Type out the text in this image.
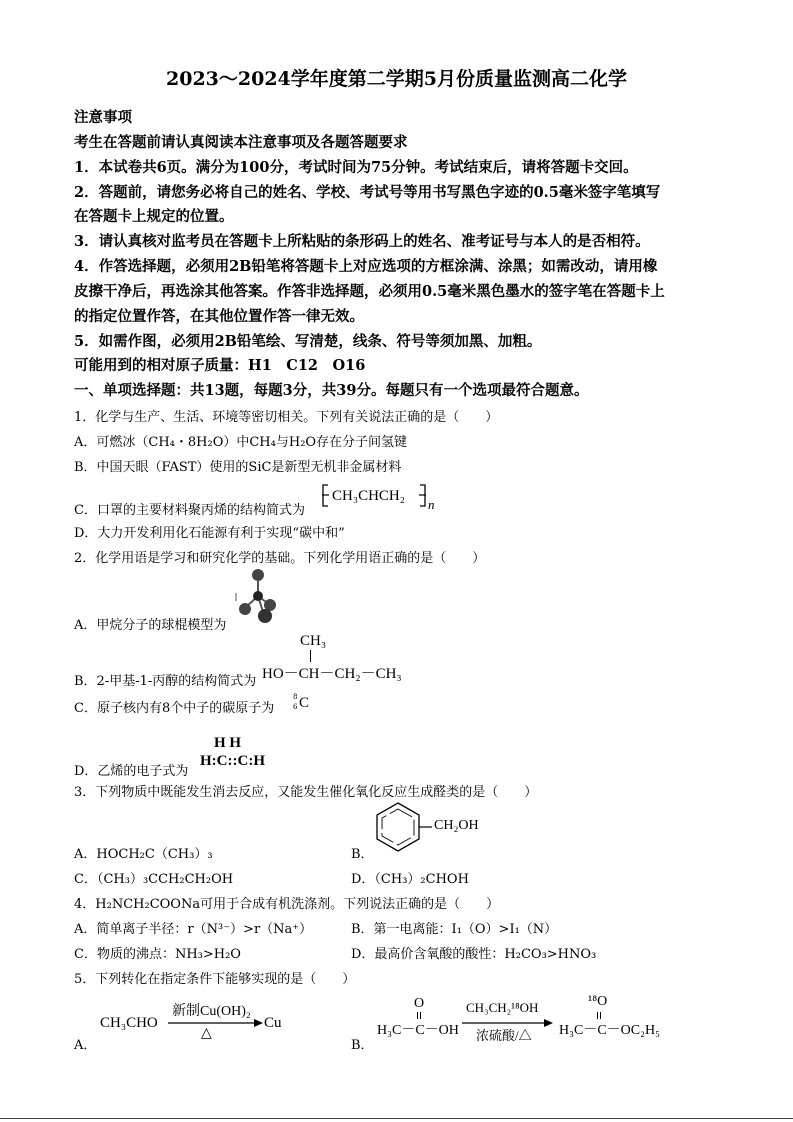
2023～2024学年度第二学期5月份质量监测高二化学
注意事项
考生在答题前请认真阅读本注意事项及各题答题要求
1．本试卷共6页。满分为100分，考试时间为75分钟。考试结束后，请将答题卡交回。
2．答题前，请您务必将自己的姓名、学校、考试号等用书写黑色字迹的0.5毫米签字笔填写
在答题卡上规定的位置。
3．请认真核对监考员在答题卡上所粘贴的条形码上的姓名、准考证号与本人的是否相符。
4．作答选择题，必须用2B铅笔将答题卡上对应选项的方框涂满、涂黑；如需改动，请用橡
皮擦干净后，再选涂其他答案。作答非选择题，必须用0.5毫米黑色墨水的签字笔在答题卡上
的指定位置作答，在其他位置作答一律无效。
5．如需作图，必须用2B铅笔绘、写清楚，线条、符号等须加黑、加粗。
可能用到的相对原子质量：H1　C12　O16
一、单项选择题：共13题，每题3分，共39分。每题只有一个选项最符合题意。
1．化学与生产、生活、环境等密切相关。下列有关说法正确的是（　　）
A．可燃冰（CH₄・8H₂O）中CH₄与H₂O存在分子间氢键
B．中国天眼（FAST）使用的SiC是新型无机非金属材料
C．口罩的主要材料聚丙烯的结构简式为
CH₃CHCH₂
n
D．大力开发利用化石能源有利于实现“碳中和”
2．化学用语是学习和研究化学的基础。下列化学用语正确的是（　　）
A．甲烷分子的球棍模型为
B．2-甲基-1-丙醇的结构简式为
CH₃
HO－CH－CH₂－CH₃
C．原子核内有8个中子的碳原子为
8
6 C
D．乙烯的电子式为
H H
H:C::C:H
3．下列物质中既能发生消去反应，又能发生催化氧化反应生成醛类的是（　　）
A．HOCH₂C（CH₃）₃	B．
CH₂OH
C．（CH₃）₃CCH₂CH₂OH	D．（CH₃）₂CHOH
4．H₂NCH₂COONa可用于合成有机洗涤剂。下列说法正确的是（　　）
A．简单离子半径：r（N³⁻）>r（Na⁺）	B．第一电离能：I₁（O）>I₁（N）
C．物质的沸点：NH₃>H₂O	D．最高价含氧酸的酸性：H₂CO₃>HNO₃
5．下列转化在指定条件下能够实现的是（　　）
A．
CH₃CHO
新制Cu(OH)₂
△
Cu
B．
O
H₃C－C－OH
CH₃CH₂¹⁸OH
浓硫酸/△
¹⁸O
H₃C－C－OC₂H₅
